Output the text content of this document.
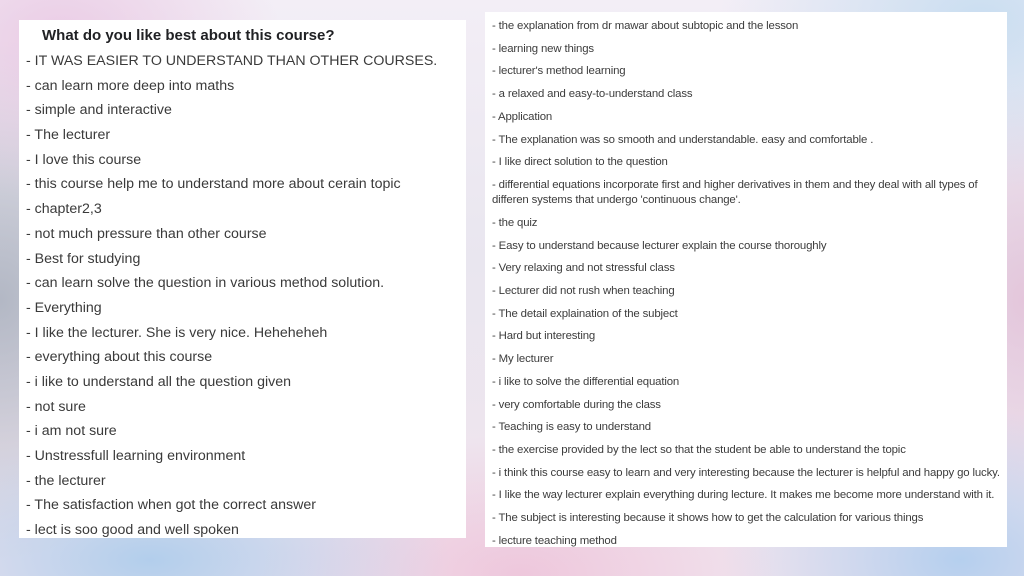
What do you like best about this course?
- IT WAS EASIER TO UNDERSTAND THAN OTHER COURSES.
- can learn more deep into maths
- simple and interactive
- The lecturer
- I love this course
- this course help me to understand more about cerain topic
- chapter2,3
- not much pressure than other course
- Best for studying
- can learn solve the question in various method solution.
- Everything
- I like the lecturer. She is very nice. Heheheheh
- everything about this course
- i like to understand all the question given
- not sure
- i am not sure
- Unstressfull learning environment
- the lecturer
- The satisfaction when got the correct answer
- lect is soo good and well spoken
- the explanation from dr mawar about subtopic and the lesson
- learning new things
- lecturer's method learning
- a relaxed and easy-to-understand class
- Application
- The explanation was so smooth and understandable. easy and comfortable .
- I like direct solution to the question
- differential equations incorporate first and higher derivatives in them and they deal with all types of differen systems that undergo 'continuous change'.
- the quiz
- Easy to understand because lecturer explain the course thoroughly
- Very relaxing and not stressful class
- Lecturer did not rush when teaching
- The detail explaination of the subject
- Hard but interesting
- My lecturer
- i like to solve the differential equation
- very comfortable during the class
- Teaching is easy to understand
- the exercise provided by the lect so that the student be able to understand the topic
- i think this course easy to learn and very interesting because the lecturer is helpful and happy go lucky.
- I like the way lecturer explain everything during lecture. It makes me become more understand with it.
- The subject is interesting because it shows how to get the calculation for various things
- lecture teaching method
